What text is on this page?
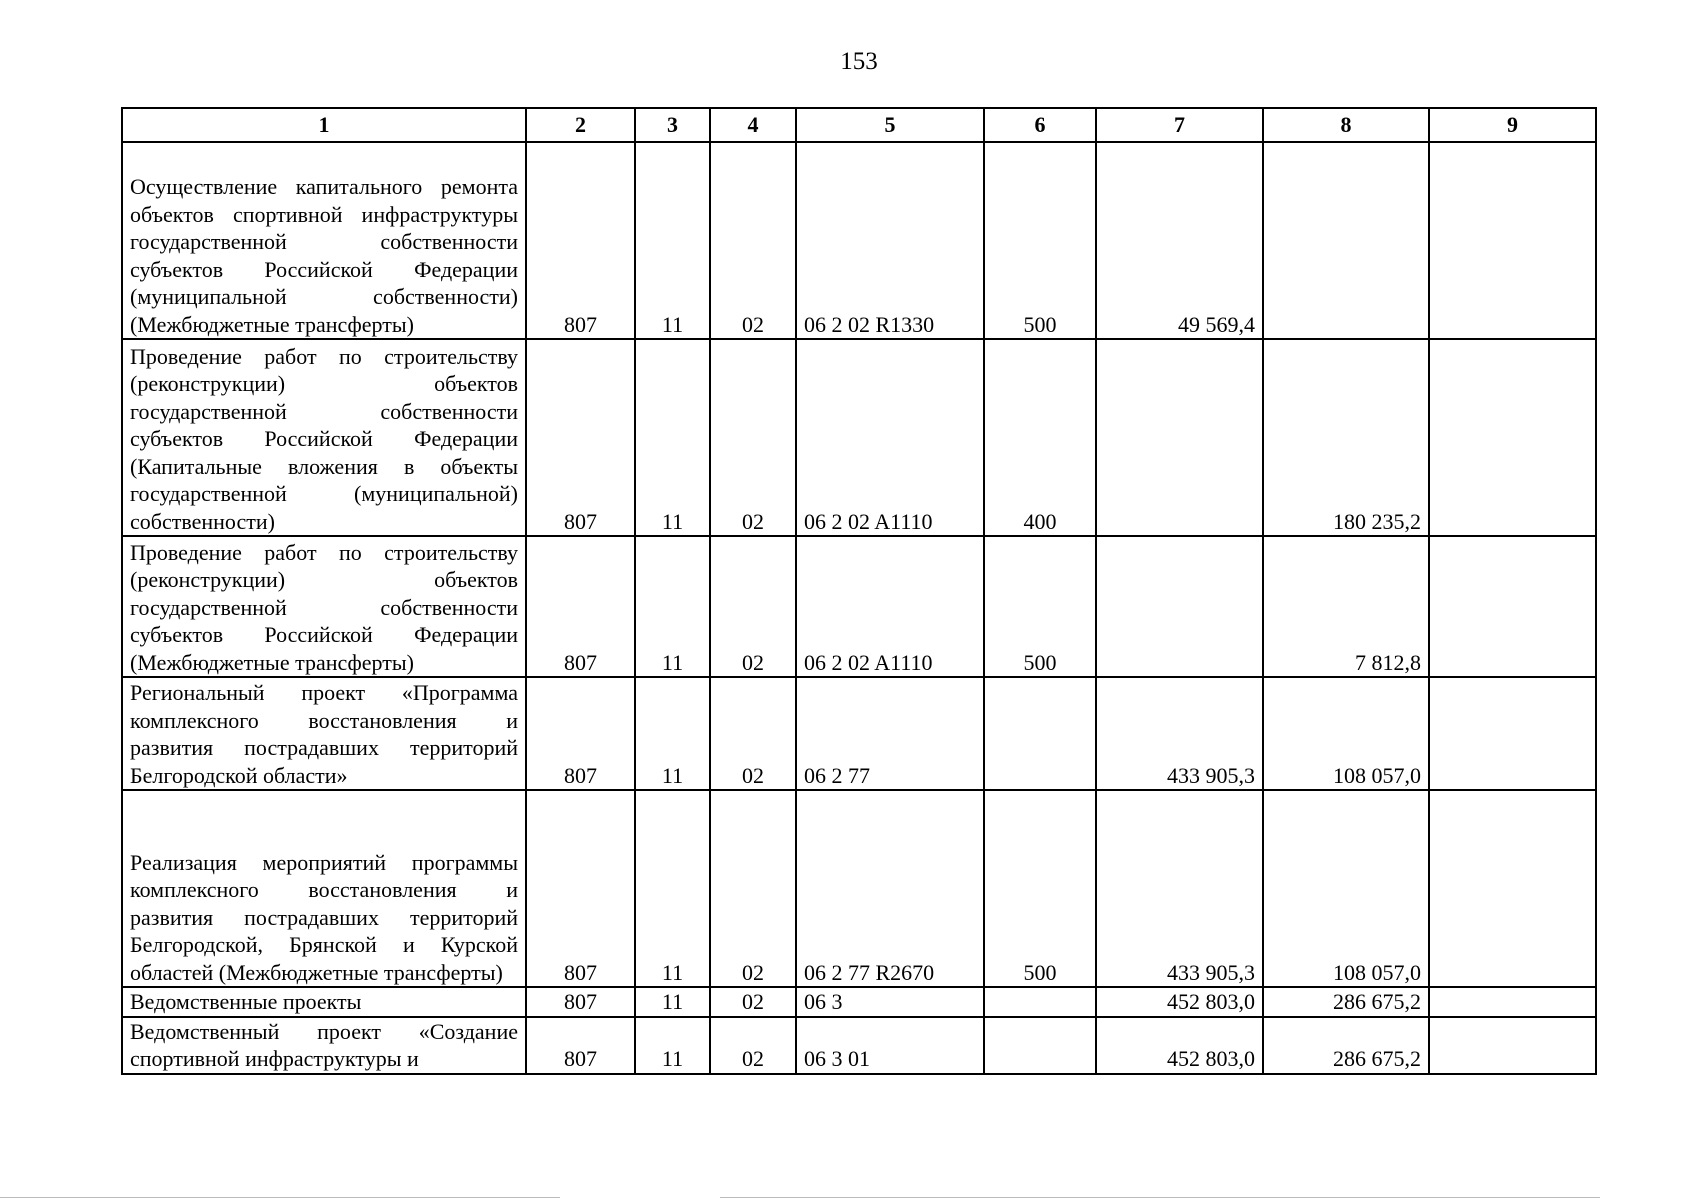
153
1	2	3	4	5	6	7	8	9
Осуществление капитального ремонта объектов спортивной инфраструктуры государственной собственности субъектов Российской Федерации (муниципальной собственности) (Межбюджетные трансферты)	807	11	02	06 2 02 R1330	500	49 569,4		
Проведение работ по строительству (реконструкции) объектов государственной собственности субъектов Российской Федерации (Капитальные вложения в объекты государственной (муниципальной) собственности)	807	11	02	06 2 02 A1110	400		180 235,2	
Проведение работ по строительству (реконструкции) объектов государственной собственности субъектов Российской Федерации (Межбюджетные трансферты)	807	11	02	06 2 02 A1110	500		7 812,8	
Региональный проект «Программа комплексного восстановления и развития пострадавших территорий Белгородской области»	807	11	02	06 2 77		433 905,3	108 057,0	
Реализация мероприятий программы комплексного восстановления и развития пострадавших территорий Белгородской, Брянской и Курской областей (Межбюджетные трансферты)	807	11	02	06 2 77 R2670	500	433 905,3	108 057,0	
Ведомственные проекты	807	11	02	06 3		452 803,0	286 675,2	
Ведомственный проект «Создание спортивной инфраструктуры и	807	11	02	06 3 01		452 803,0	286 675,2	
